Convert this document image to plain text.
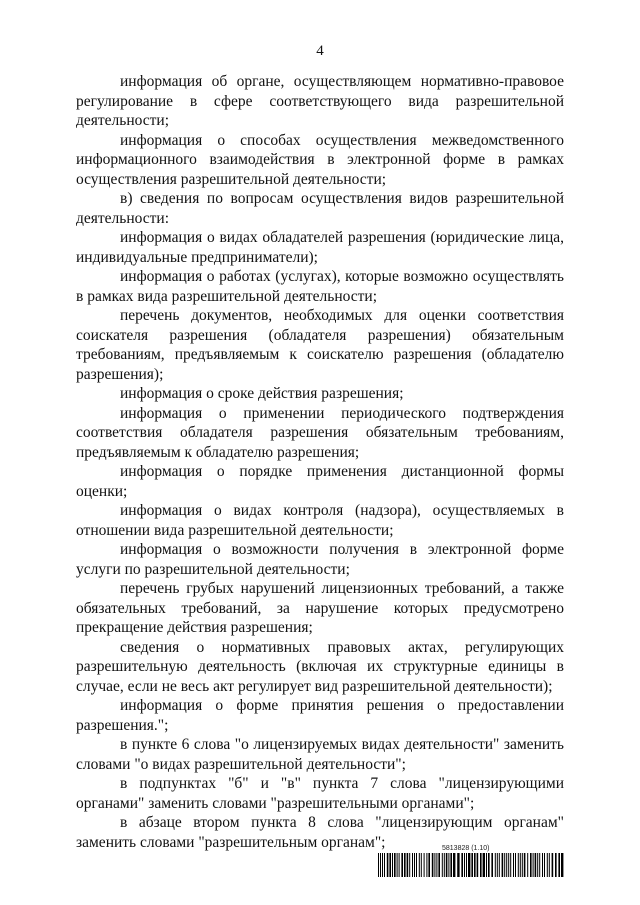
4

информация об органе, осуществляющем нормативно-правовое регулирование в сфере соответствующего вида разрешительной деятельности;

информация о способах осуществления межведомственного информационного взаимодействия в электронной форме в рамках осуществления разрешительной деятельности;

в) сведения по вопросам осуществления видов разрешительной деятельности:

информация о видах обладателей разрешения (юридические лица, индивидуальные предприниматели);

информация о работах (услугах), которые возможно осуществлять в рамках вида разрешительной деятельности;

перечень документов, необходимых для оценки соответствия соискателя разрешения (обладателя разрешения) обязательным требованиям, предъявляемым к соискателю разрешения (обладателю разрешения);

информация о сроке действия разрешения;

информация о применении периодического подтверждения соответствия обладателя разрешения обязательным требованиям, предъявляемым к обладателю разрешения;

информация о порядке применения дистанционной формы оценки;

информация о видах контроля (надзора), осуществляемых в отношении вида разрешительной деятельности;

информация о возможности получения в электронной форме услуги по разрешительной деятельности;

перечень грубых нарушений лицензионных требований, а также обязательных требований, за нарушение которых предусмотрено прекращение действия разрешения;

сведения о нормативных правовых актах, регулирующих разрешительную деятельность (включая их структурные единицы в случае, если не весь акт регулирует вид разрешительной деятельности);

информация о форме принятия решения о предоставлении разрешения.";

в пункте 6 слова "о лицензируемых видах деятельности" заменить словами "о видах разрешительной деятельности";

в подпунктах "б" и "в" пункта 7 слова "лицензирующими органами" заменить словами "разрешительными органами";

в абзаце втором пункта 8 слова "лицензирующим органам" заменить словами "разрешительным органам";	5813828 (1.10)
